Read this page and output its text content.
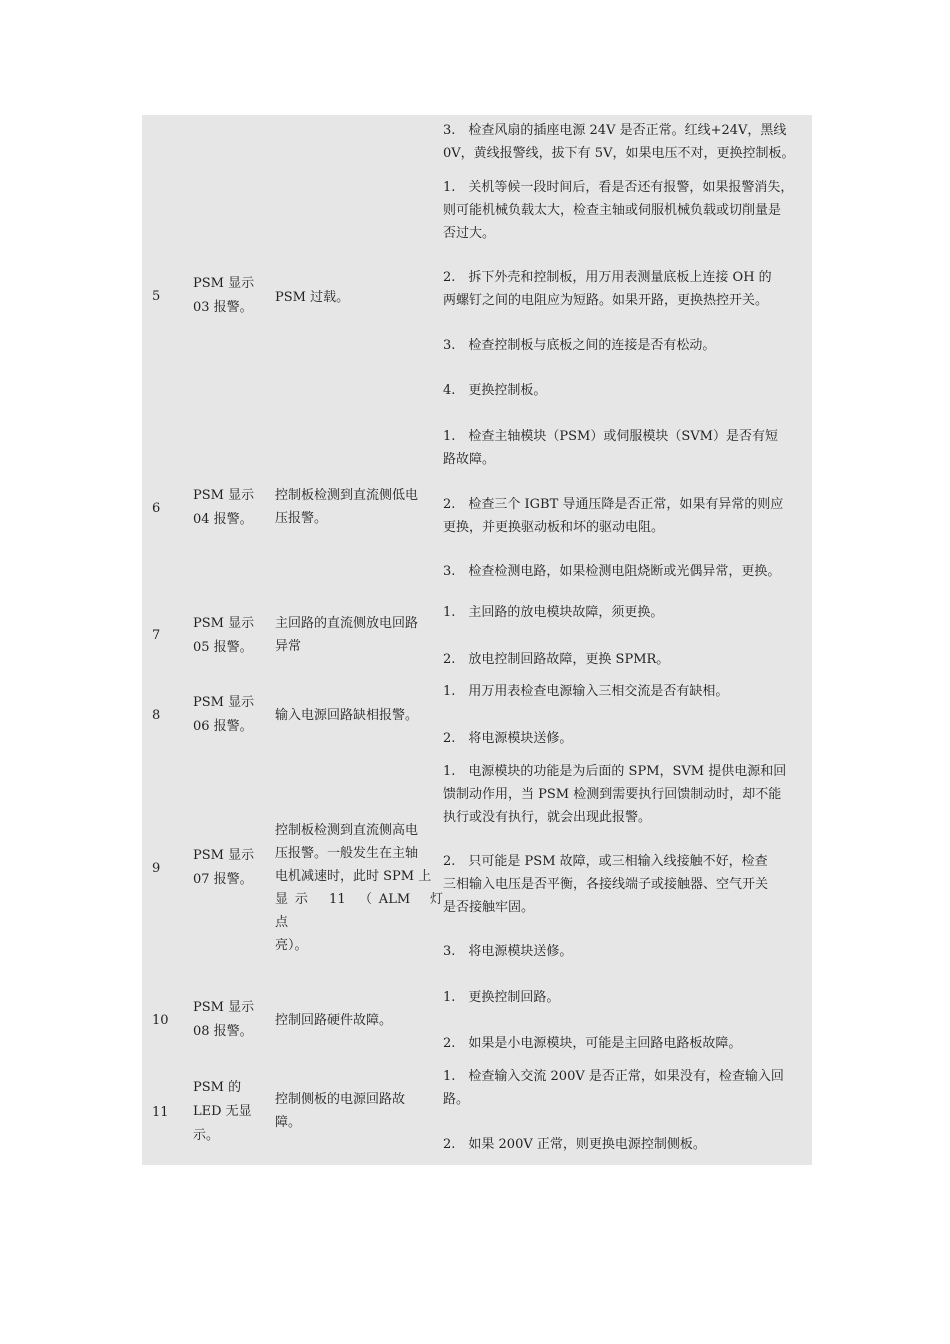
5
PSM 显示
03 报警。
PSM 过载。
3.　检查风扇的插座电源 24V 是否正常。红线+24V，黑线
0V，黄线报警线，拔下有 5V，如果电压不对，更换控制板。
1.　关机等候一段时间后，看是否还有报警，如果报警消失，
则可能机械负载太大，检查主轴或伺服机械负载或切削量是
否过大。
2.　拆下外壳和控制板，用万用表测量底板上连接 OH 的
两螺钉之间的电阻应为短路。如果开路，更换热控开关。
3.　检查控制板与底板之间的连接是否有松动。
4.　更换控制板。
6
PSM 显示
04 报警。
控制板检测到直流侧低电
压报警。
1.　检查主轴模块（PSM）或伺服模块（SVM）是否有短
路故障。
2.　检查三个 IGBT 导通压降是否正常，如果有异常的则应
更换，并更换驱动板和坏的驱动电阻。
3.　检查检测电路，如果检测电阻烧断或光偶异常，更换。
7
PSM 显示
05 报警。
主回路的直流侧放电回路
异常
1.　主回路的放电模块故障，须更换。
2.　放电控制回路故障，更换 SPMR。
8
PSM 显示
06 报警。
输入电源回路缺相报警。
1.　用万用表检查电源输入三相交流是否有缺相。
2.　将电源模块送修。
9
PSM 显示
07 报警。
控制板检测到直流侧高电
压报警。一般发生在主轴
电机减速时，此时 SPM 上
显 示 　11 　（ ALM 　灯 点
亮）。
1.　电源模块的功能是为后面的 SPM，SVM 提供电源和回
馈制动作用，当 PSM 检测到需要执行回馈制动时，却不能
执行或没有执行，就会出现此报警。
2.　只可能是 PSM 故障，或三相输入线接触不好，检查
三相输入电压是否平衡，各接线端子或接触器、空气开关
是否接触牢固。
3.　将电源模块送修。
10
PSM 显示
08 报警。
控制回路硬件故障。
1.　更换控制回路。
2.　如果是小电源模块，可能是主回路电路板故障。
11
PSM 的
LED 无显
示。
控制侧板的电源回路故
障。
1.　检查输入交流 200V 是否正常，如果没有，检查输入回
路。
2.　如果 200V 正常，则更换电源控制侧板。
